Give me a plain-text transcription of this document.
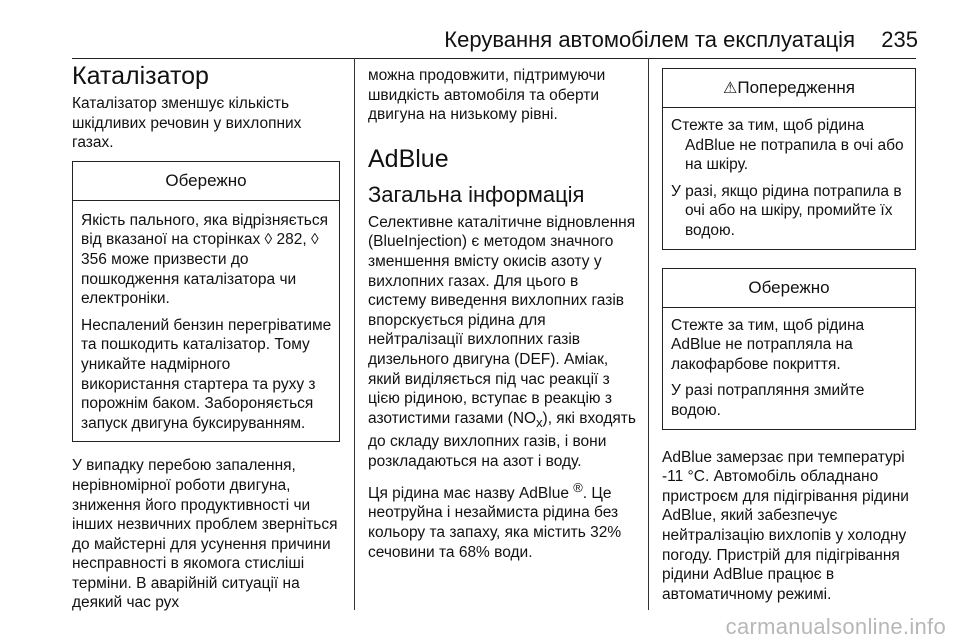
Керування автомобілем та експлуатація 235
Каталізатор

Каталізатор зменшує кількість шкідливих речовин у вихлопних газах.

Обережно

Якість пального, яка відрізняється від вказаної на сторінках ◊ 282, ◊ 356 може призвести до пошкодження каталізатора чи електроніки.

Неспалений бензин перегріватиме та пошкодить каталізатор. Тому уникайте надмірного використання стартера та руху з порожнім баком. Забороняється запуск двигуна буксируванням.

У випадку перебою запалення, нерівномірної роботи двигуна, зниження його продуктивності чи інших незвичних проблем зверніться до майстерні для усунення причини несправності в якомога стисліші терміни. В аварійній ситуації на деякий час рух

можна продовжити, підтримуючи швидкість автомобіля та оберти двигуна на низькому рівні.

AdBlue
Загальна інформація

Селективне каталітичне відновлення (BlueInjection) є методом значного зменшення вмісту окисів азоту у вихлопних газах. Для цього в систему виведення вихлопних газів впорскується рідина для нейтралізації вихлопних газів дизельного двигуна (DEF). Аміак, який виділяється під час реакції з цією рідиною, вступає в реакцію з азотистими газами $(NO_x)$, які входять до складу вихлопних газів, і вони розкладаються на азот і воду.

Ця рідина має назву AdBlue ®. Це неотруйна і незаймиста рідина без кольору та запаху, яка містить 32% сечовини та 68% води.

⚠Попередження

Стежте за тим, щоб рідина AdBlue не потрапила в очі або на шкіру.

У разі, якщо рідина потрапила в очі або на шкіру, промийте їх водою.

Обережно

Стежте за тим, щоб рідина AdBlue не потрапляла на лакофарбове покриття.

У разі потрапляння змийте водою.

AdBlue замерзає при температурі -11 °C. Автомобіль обладнано пристроєм для підігрівання рідини AdBlue, який забезпечує нейтралізацію вихлопів у холодну погоду. Пристрій для підігрівання рідини AdBlue працює в автоматичному режимі.

carmanualsonline.info
